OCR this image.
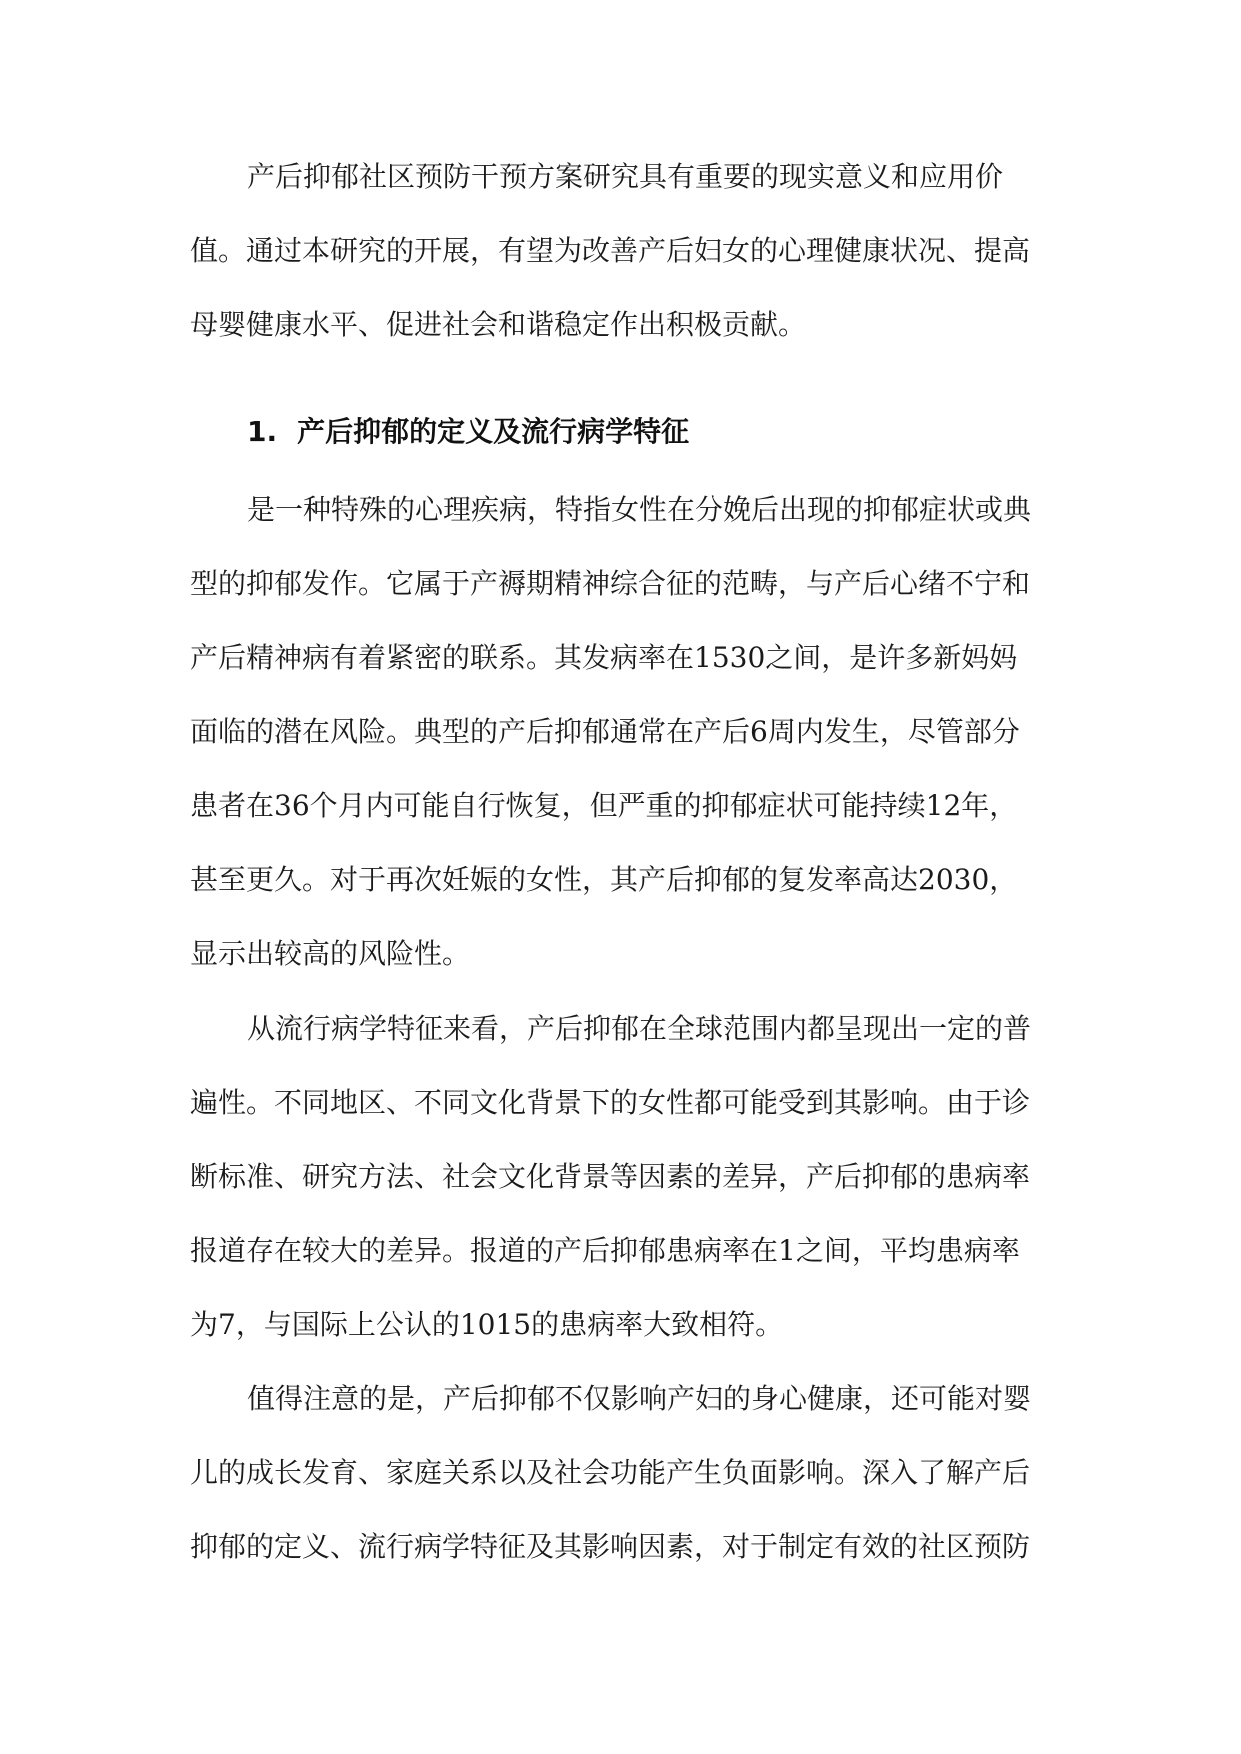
产后抑郁社区预防干预方案研究具有重要的现实意义和应用价
值。通过本研究的开展，有望为改善产后妇女的心理健康状况、提高
母婴健康水平、促进社会和谐稳定作出积极贡献。
1. 产后抑郁的定义及流行病学特征
是一种特殊的心理疾病，特指女性在分娩后出现的抑郁症状或典
型的抑郁发作。它属于产褥期精神综合征的范畴，与产后心绪不宁和
产后精神病有着紧密的联系。其发病率在1530之间，是许多新妈妈
面临的潜在风险。典型的产后抑郁通常在产后6周内发生，尽管部分
患者在36个月内可能自行恢复，但严重的抑郁症状可能持续12年，
甚至更久。对于再次妊娠的女性，其产后抑郁的复发率高达2030，
显示出较高的风险性。
从流行病学特征来看，产后抑郁在全球范围内都呈现出一定的普
遍性。不同地区、不同文化背景下的女性都可能受到其影响。由于诊
断标准、研究方法、社会文化背景等因素的差异，产后抑郁的患病率
报道存在较大的差异。报道的产后抑郁患病率在1之间，平均患病率
为7，与国际上公认的1015的患病率大致相符。
值得注意的是，产后抑郁不仅影响产妇的身心健康，还可能对婴
儿的成长发育、家庭关系以及社会功能产生负面影响。深入了解产后
抑郁的定义、流行病学特征及其影响因素，对于制定有效的社区预防
